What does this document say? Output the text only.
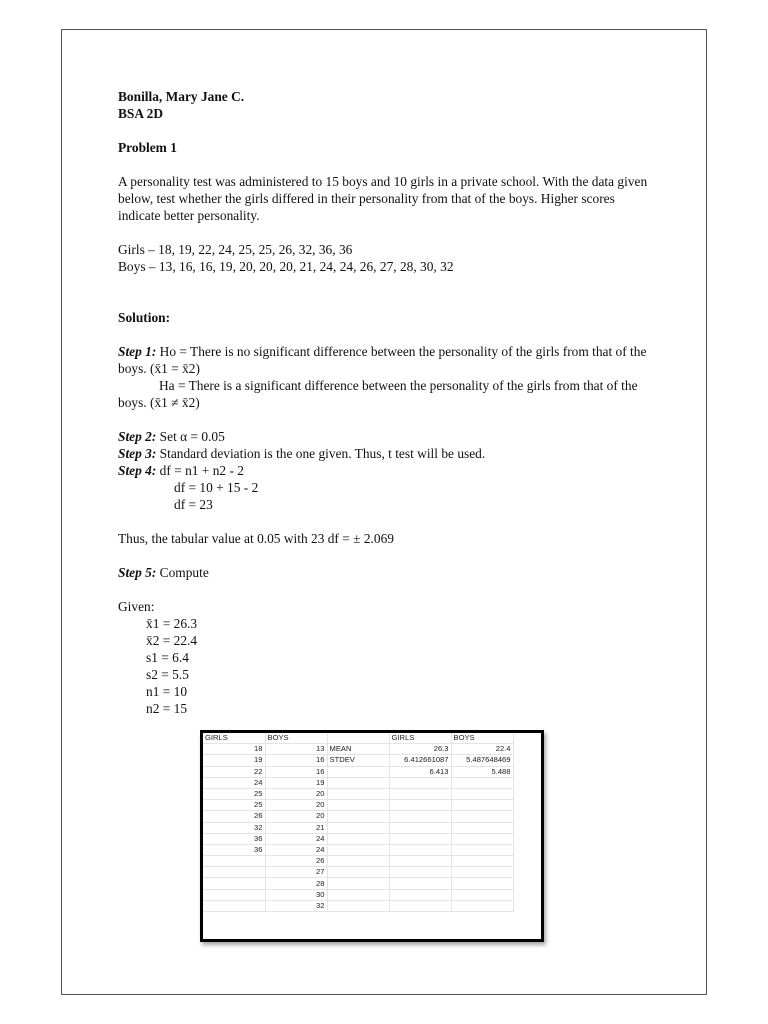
Bonilla, Mary Jane C.

BSA 2D

Problem 1

A personality test was administered to 15 boys and 10 girls in a private school. With the data given below, test whether the girls differed in their personality from that of the boys. Higher scores indicate better personality.

Girls – 18, 19, 22, 24, 25, 25, 26, 32, 36, 36

Boys – 13, 16, 16, 19, 20, 20, 20, 21, 24, 24, 26, 27, 28, 30, 32

Solution:

Step 1: Ho = There is no significant difference between the personality of the girls from that of the boys. (x̄1 = x̄2)

Ha = There is a significant difference between the personality of the girls from that of the boys. (x̄1 ≠ x̄2)

Step 2: Set α = 0.05

Step 3: Standard deviation is the one given. Thus, t test will be used.

Step 4: df = n1 + n2 - 2

df = 10 + 15 - 2

df = 23

Thus, the tabular value at 0.05 with 23 df = ± 2.069

Step 5: Compute

Given:

x̄1 = 26.3

x̄2 = 22.4

s1 = 6.4

s2 = 5.5

n1 = 10

n2 = 15

GIRLS	BOYS		GIRLS	BOYS
18	13	MEAN	26.3	22.4
19	16	STDEV	6.412661087	5.487648469
22	16		6.413	5.488
24	19			
25	20			
25	20			
26	20			
32	21			
36	24			
36	24			
	26			
	27			
	28			
	30			
	32			
